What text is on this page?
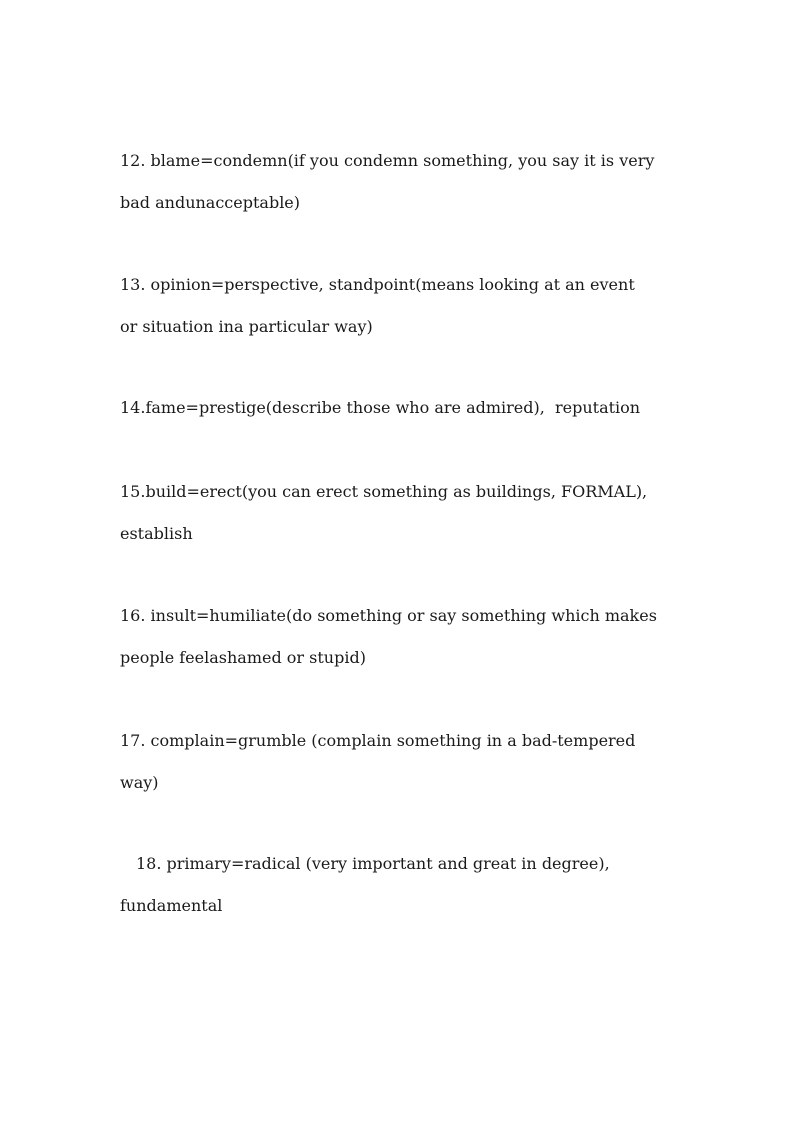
12. blame=condemn(if you condemn something, you say it is very
bad andunacceptable)
13. opinion=perspective, standpoint(means looking at an event
or situation ina particular way)
14.fame=prestige(describe those who are admired),  reputation
15.build=erect(you can erect something as buildings, FORMAL),
establish
16. insult=humiliate(do something or say something which makes
people feelashamed or stupid)
17. complain=grumble (complain something in a bad-tempered
way)
18. primary=radical (very important and great in degree),
fundamental
